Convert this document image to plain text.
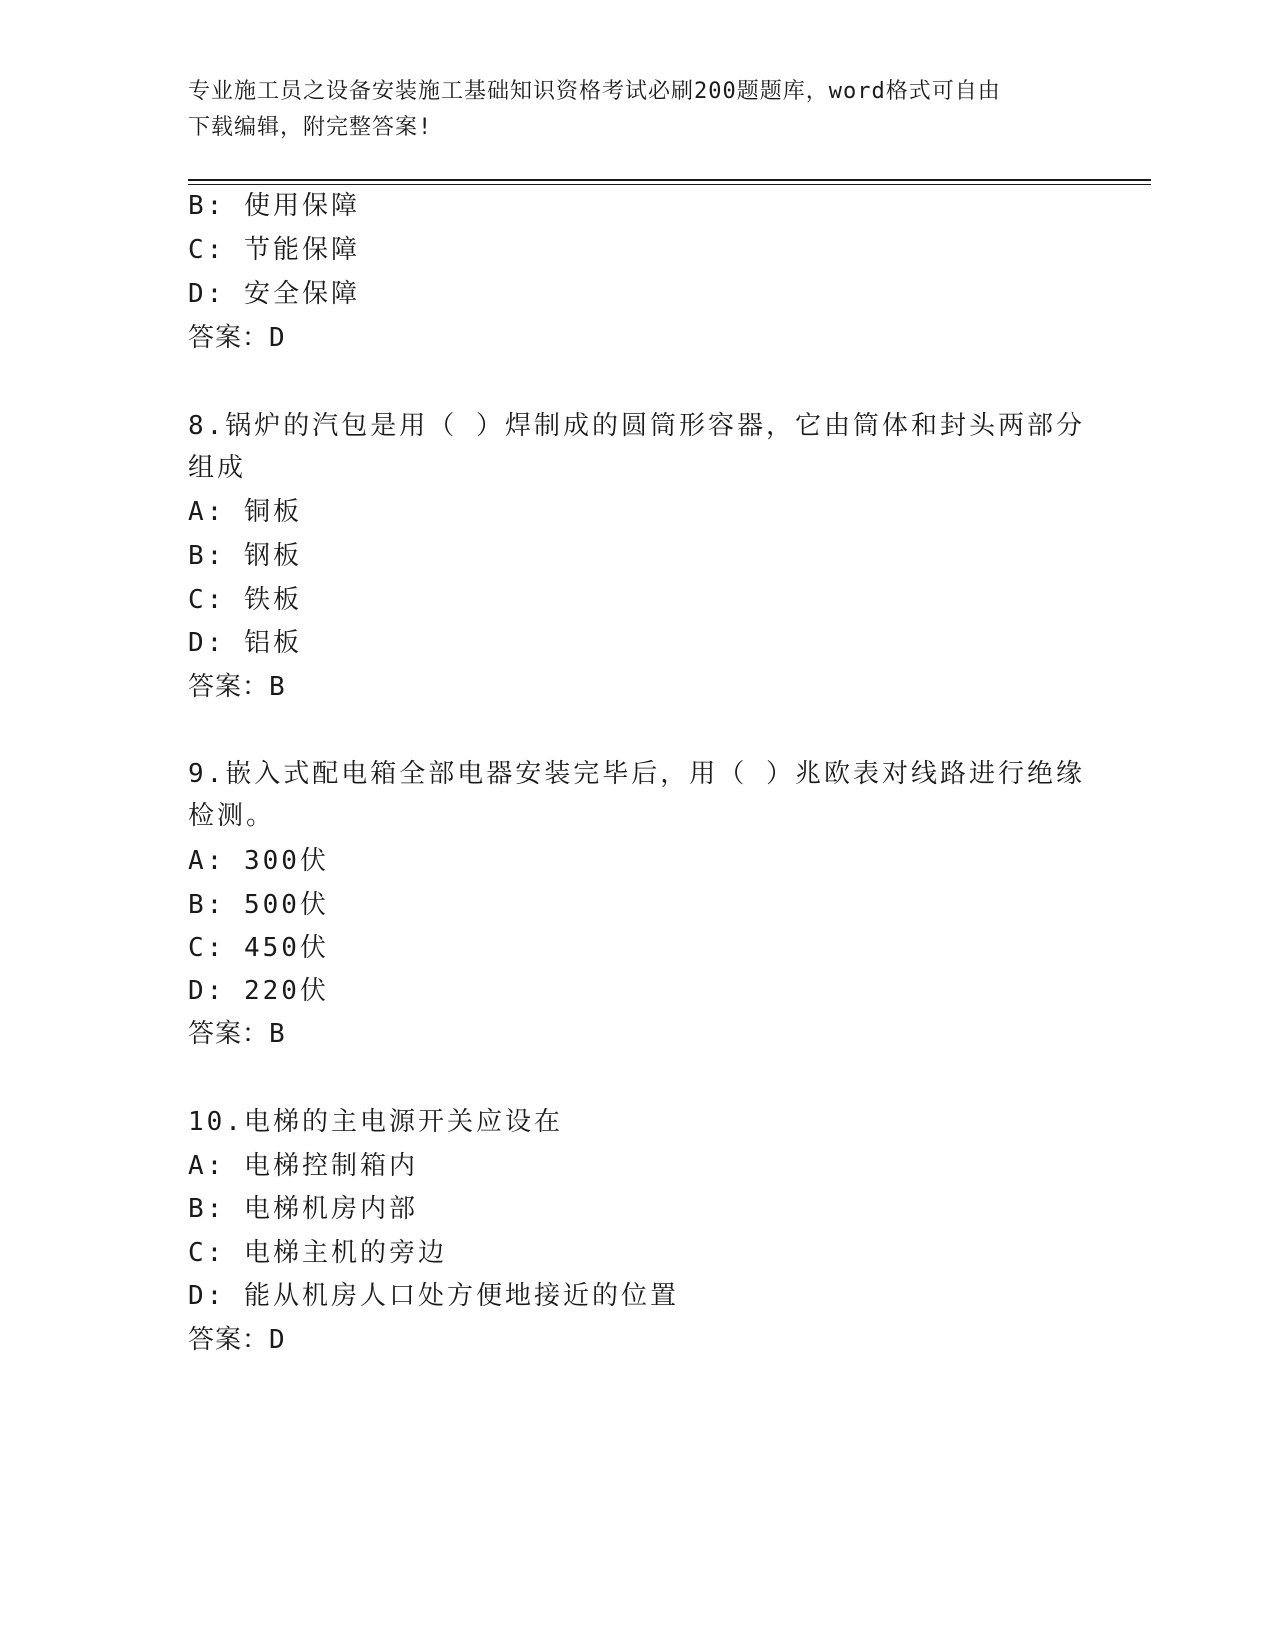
专业施工员之设备安装施工基础知识资格考试必刷200题题库，word格式可自由
下载编辑，附完整答案!
B: 使用保障
C: 节能保障
D: 安全保障
答案：D
8.锅炉的汽包是用（ ）焊制成的圆筒形容器，它由筒体和封头两部分
组成
A: 铜板
B: 钢板
C: 铁板
D: 铝板
答案：B
9.嵌入式配电箱全部电器安装完毕后，用（ ）兆欧表对线路进行绝缘
检测。
A: 300伏
B: 500伏
C: 450伏
D: 220伏
答案：B
10.电梯的主电源开关应设在
A: 电梯控制箱内
B: 电梯机房内部
C: 电梯主机的旁边
D: 能从机房人口处方便地接近的位置
答案：D
